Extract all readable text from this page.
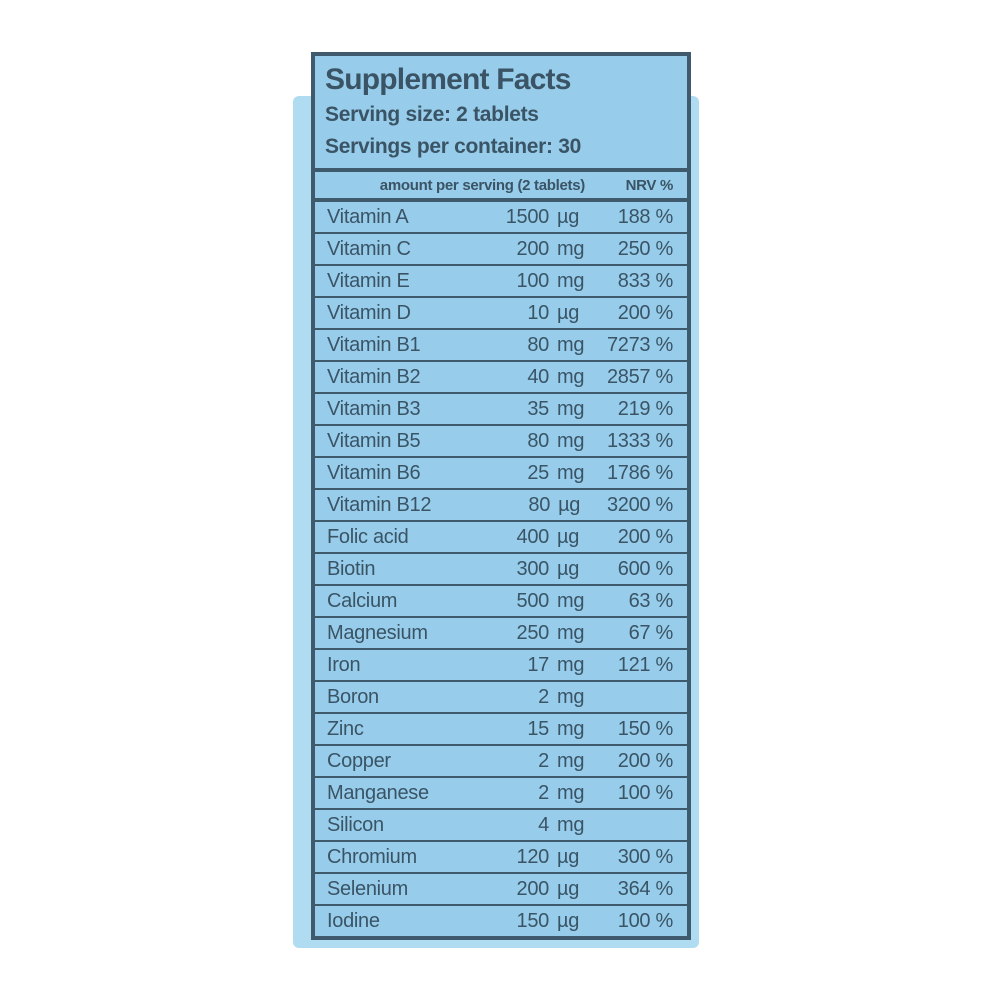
Supplement Facts
Serving size: 2 tablets
Servings per container: 30
amount per serving (2 tablets)	NRV %
Vitamin A	1500 µg	188 %
Vitamin C	200 mg	250 %
Vitamin E	100 mg	833 %
Vitamin D	10 µg	200 %
Vitamin B1	80 mg	7273 %
Vitamin B2	40 mg	2857 %
Vitamin B3	35 mg	219 %
Vitamin B5	80 mg	1333 %
Vitamin B6	25 mg	1786 %
Vitamin B12	80 µg	3200 %
Folic acid	400 µg	200 %
Biotin	300 µg	600 %
Calcium	500 mg	63 %
Magnesium	250 mg	67 %
Iron	17 mg	121 %
Boron	2 mg
Zinc	15 mg	150 %
Copper	2 mg	200 %
Manganese	2 mg	100 %
Silicon	4 mg
Chromium	120 µg	300 %
Selenium	200 µg	364 %
Iodine	150 µg	100 %
